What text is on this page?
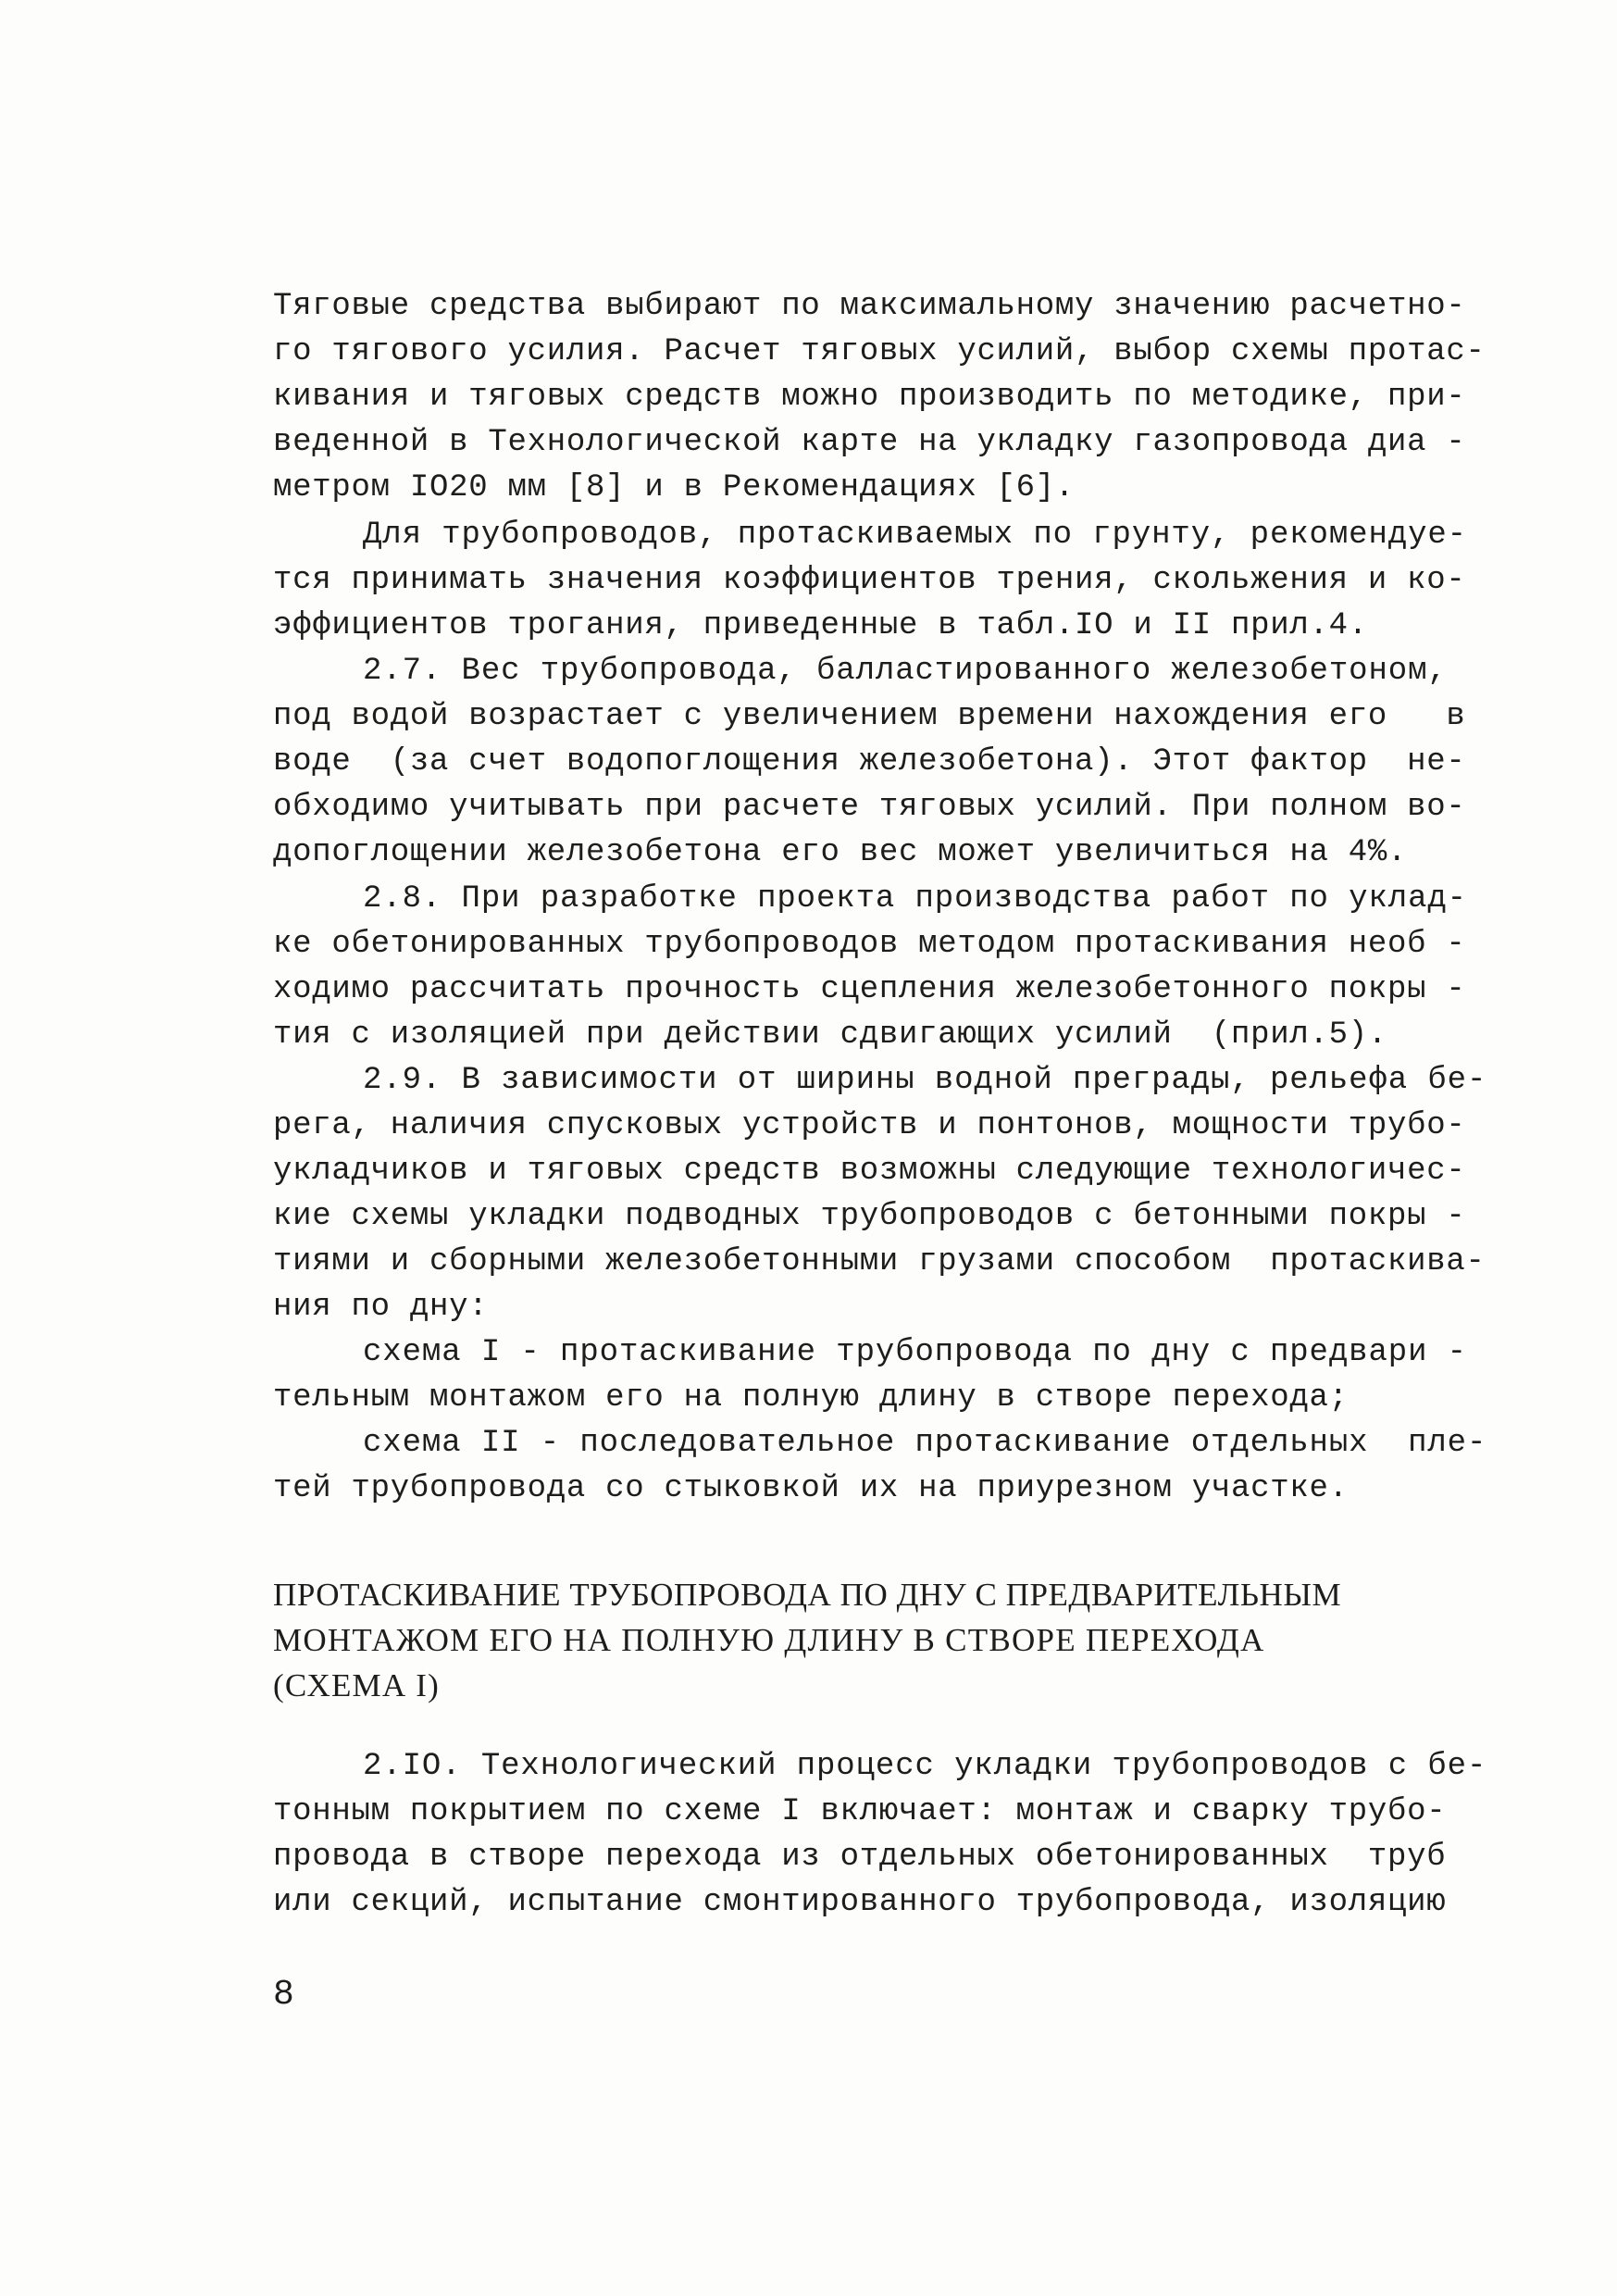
Тяговые средства выбирают по максимальному значению расчетно-
го тягового усилия. Расчет тяговых усилий, выбор схемы протас-
кивания и тяговых средств можно производить по методике, при-
веденной в Технологической карте на укладку газопровода диа -
метром IO20 мм [8] и в Рекомендациях [6].
Для трубопроводов, протаскиваемых по грунту, рекомендуе-
тся принимать значения коэффициентов трения, скольжения и ко-
эффициентов трогания, приведенные в табл.IO и II прил.4.
2.7. Вес трубопровода, балластированного железобетоном,
под водой возрастает с увеличением времени нахождения его   в
воде  (за счет водопоглощения железобетона). Этот фактор  не-
обходимо учитывать при расчете тяговых усилий. При полном во-
допоглощении железобетона его вес может увеличиться на 4%.
2.8. При разработке проекта производства работ по уклад-
ке обетонированных трубопроводов методом протаскивания необ -
ходимо рассчитать прочность сцепления железобетонного покры -
тия с изоляцией при действии сдвигающих усилий  (прил.5).
2.9. В зависимости от ширины водной преграды, рельефа бе-
рега, наличия спусковых устройств и понтонов, мощности трубо-
укладчиков и тяговых средств возможны следующие технологичес-
кие схемы укладки подводных трубопроводов с бетонными покры -
тиями и сборными железобетонными грузами способом  протаскива-
ния по дну:
схема I - протаскивание трубопровода по дну с предвари -
тельным монтажом его на полную длину в створе перехода;
схема II - последовательное протаскивание отдельных  пле-
тей трубопровода со стыковкой их на приурезном участке.
ПРОТАСКИВАНИЕ ТРУБОПРОВОДА ПО ДНУ С ПРЕДВАРИТЕЛЬНЫМ
МОНТАЖОМ ЕГО НА ПОЛНУЮ ДЛИНУ В СТВОРЕ ПЕРЕХОДА
(СХЕМА I)
2.IO. Технологический процесс укладки трубопроводов с бе-
тонным покрытием по схеме I включает: монтаж и сварку трубо-
провода в створе перехода из отдельных обетонированных  труб
или секций, испытание смонтированного трубопровода, изоляцию
8
